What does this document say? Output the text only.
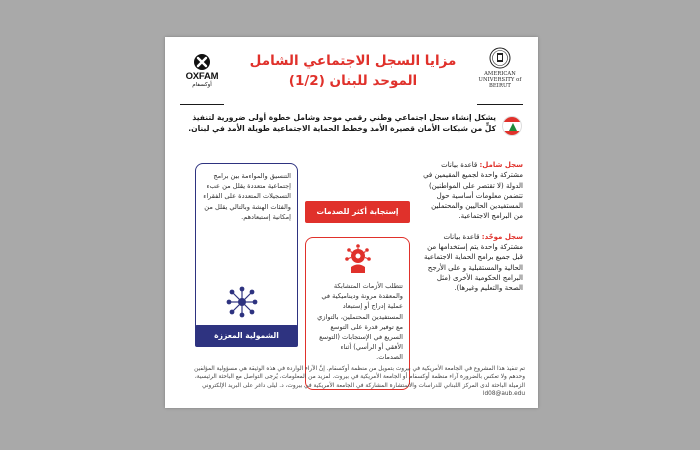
AMERICAN UNIVERSITY of BEIRUT
مزايا السجل الاجتماعي الشامل الموحد للبنان (1/2)
OXFAM
أوكسفام
يشكل إنشاء سجل اجتماعي وطني رقمي موحد وشامل خطوة أولى ضرورية لتنفيذ كلٍّ من شبكات الأمان قصيرة الأمد وخطط الحماية الاجتماعية طويلة الأمد في لبنان.

سجل شامل: قاعدة بيانات مشتركة واحدة لجميع المقيمين في الدولة (لا تقتصر على المواطنين) تتضمن معلومات أساسية حول المستفيدين الحاليين والمحتملين من البرامج الاجتماعية.

سجل موحّد: قاعدة بيانات مشتركة واحدة يتم إستخدامها من قبل جميع برامج الحماية الاجتماعية الحالية والمستقبلية و على الأرجح البرامج الحكومية الأخرى (مثل الصحة والتعليم وغيرها).

التنسيق والمواءمة بين برامج إجتماعية متعددة يقلل من عبء التسجيلات المتعددة على الفقراء والفئات الهشة وبالتالي يقلل من إمكانية إستبعادهم.
الشمولية المعززة
إستجابة أكثر للصدمات
تتطلب الأزمات المتشابكة والمعقدة مرونة وديناميكية في عملية إدراج أو إستبعاد المستفيدين المحتملين، بالتوازي مع توفير قدرة على التوسع السريع في الإستجابات (التوسع الأفقي أو الرأسي) أثناء الصدمات.
تم تنفيذ هذا المشروع في الجامعة الأمريكية في بيروت بتمويل من منظمة أوكسفام. إنَّ الآراء الواردة في هذه الوثيقة هي مسؤولية المؤلفين وحدهم ولا تعكس بالضرورة آراء منظمة أوكسفام أو الجامعة الأمريكية في بيروت. لمزيد من المعلومات، يُرجى التواصل مع الباحثة الرئيسية، الزميلة الباحثة لدى المركز اللبناني للدراسات والاستشارة المشاركة في الجامعة الأمريكية في بيروت، د. ليلى داغر على البريد الإلكتروني ld08@aub.edu
